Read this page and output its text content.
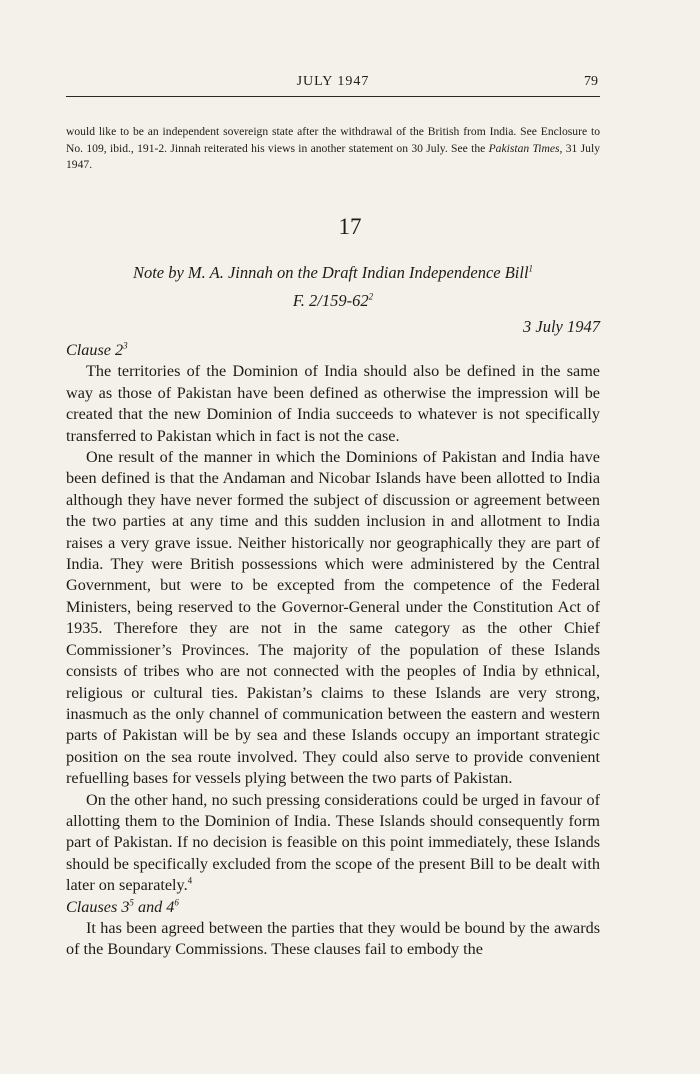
JULY 1947	79
would like to be an independent sovereign state after the withdrawal of the British from India. See Enclosure to No. 109, ibid., 191-2. Jinnah reiterated his views in another statement on 30 July. See the Pakistan Times, 31 July 1947.
17
Note by M. A. Jinnah on the Draft Indian Independence Bill$^1$
F. $2/159-62^2$
3 July 1947
Clause $2^3$

The territories of the Dominion of India should also be defined in the same way as those of Pakistan have been defined as otherwise the impression will be created that the new Dominion of India succeeds to whatever is not specifically transferred to Pakistan which in fact is not the case.

One result of the manner in which the Dominions of Pakistan and India have been defined is that the Andaman and Nicobar Islands have been allotted to India although they have never formed the subject of discussion or agreement between the two parties at any time and this sudden inclusion in and allotment to India raises a very grave issue. Neither historically nor geographically they are part of India. They were British possessions which were administered by the Central Government, but were to be excepted from the competence of the Federal Ministers, being reserved to the Governor-General under the Constitution Act of 1935. Therefore they are not in the same category as the other Chief Commissioner’s Provinces. The majority of the population of these Islands consists of tribes who are not connected with the peoples of India by ethnical, religious or cultural ties. Pakistan’s claims to these Islands are very strong, inasmuch as the only channel of communication between the eastern and western parts of Pakistan will be by sea and these Islands occupy an important strategic position on the sea route involved. They could also serve to provide convenient refuelling bases for vessels plying between the two parts of Pakistan.

On the other hand, no such pressing considerations could be urged in favour of allotting them to the Dominion of India. These Islands should consequently form part of Pakistan. If no decision is feasible on this point immediately, these Islands should be specifically excluded from the scope of the present Bill to be dealt with later on separately.$^4$

Clauses $3^5$ and $4^6$

It has been agreed between the parties that they would be bound by the awards of the Boundary Commissions. These clauses fail to embody the
